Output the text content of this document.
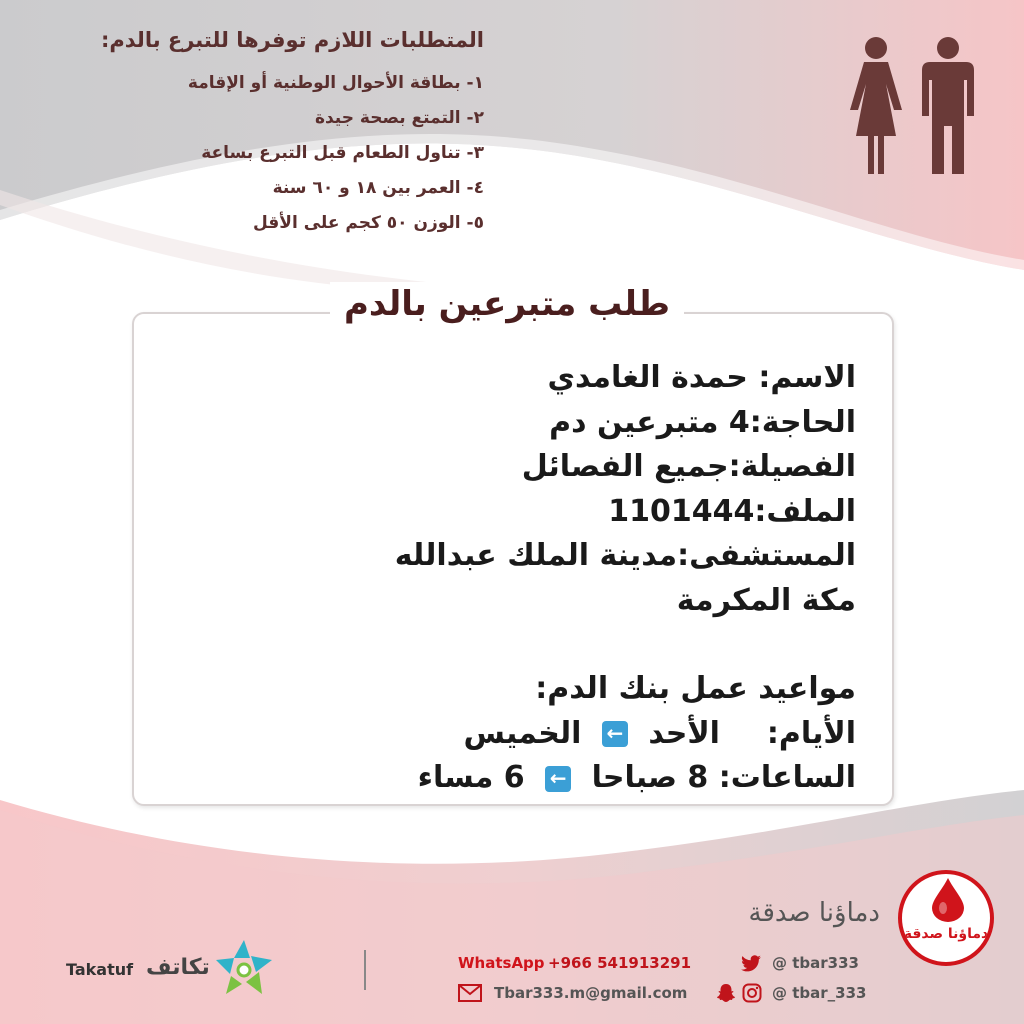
المتطلبات اللازم توفرها للتبرع بالدم:
١- بطاقة الأحوال الوطنية أو الإقامة
٢- التمتع بصحة جيدة
٣- تناول الطعام قبل التبرع بساعة
٤- العمر بين ١٨ و ٦٠ سنة
٥- الوزن ٥٠ كجم على الأقل
طلب متبرعين بالدم
الاسم: حمدة الغامدي
الحاجة:4 متبرعين دم
الفصيلة:جميع الفصائل
الملف:1101444
المستشفى:مدينة الملك عبدالله
مكة المكرمة
مواعيد عمل بنك الدم:
الأيام:  الأحد ← الخميس
الساعات: 8 صباحا ← 6 مساء
دماؤنا صدقة
دماؤنا صدقة
WhatsApp +966 541913291
Tbar333.m@gmail.com
@ tbar333
@ tbar_333
Takatuf تكاتف
